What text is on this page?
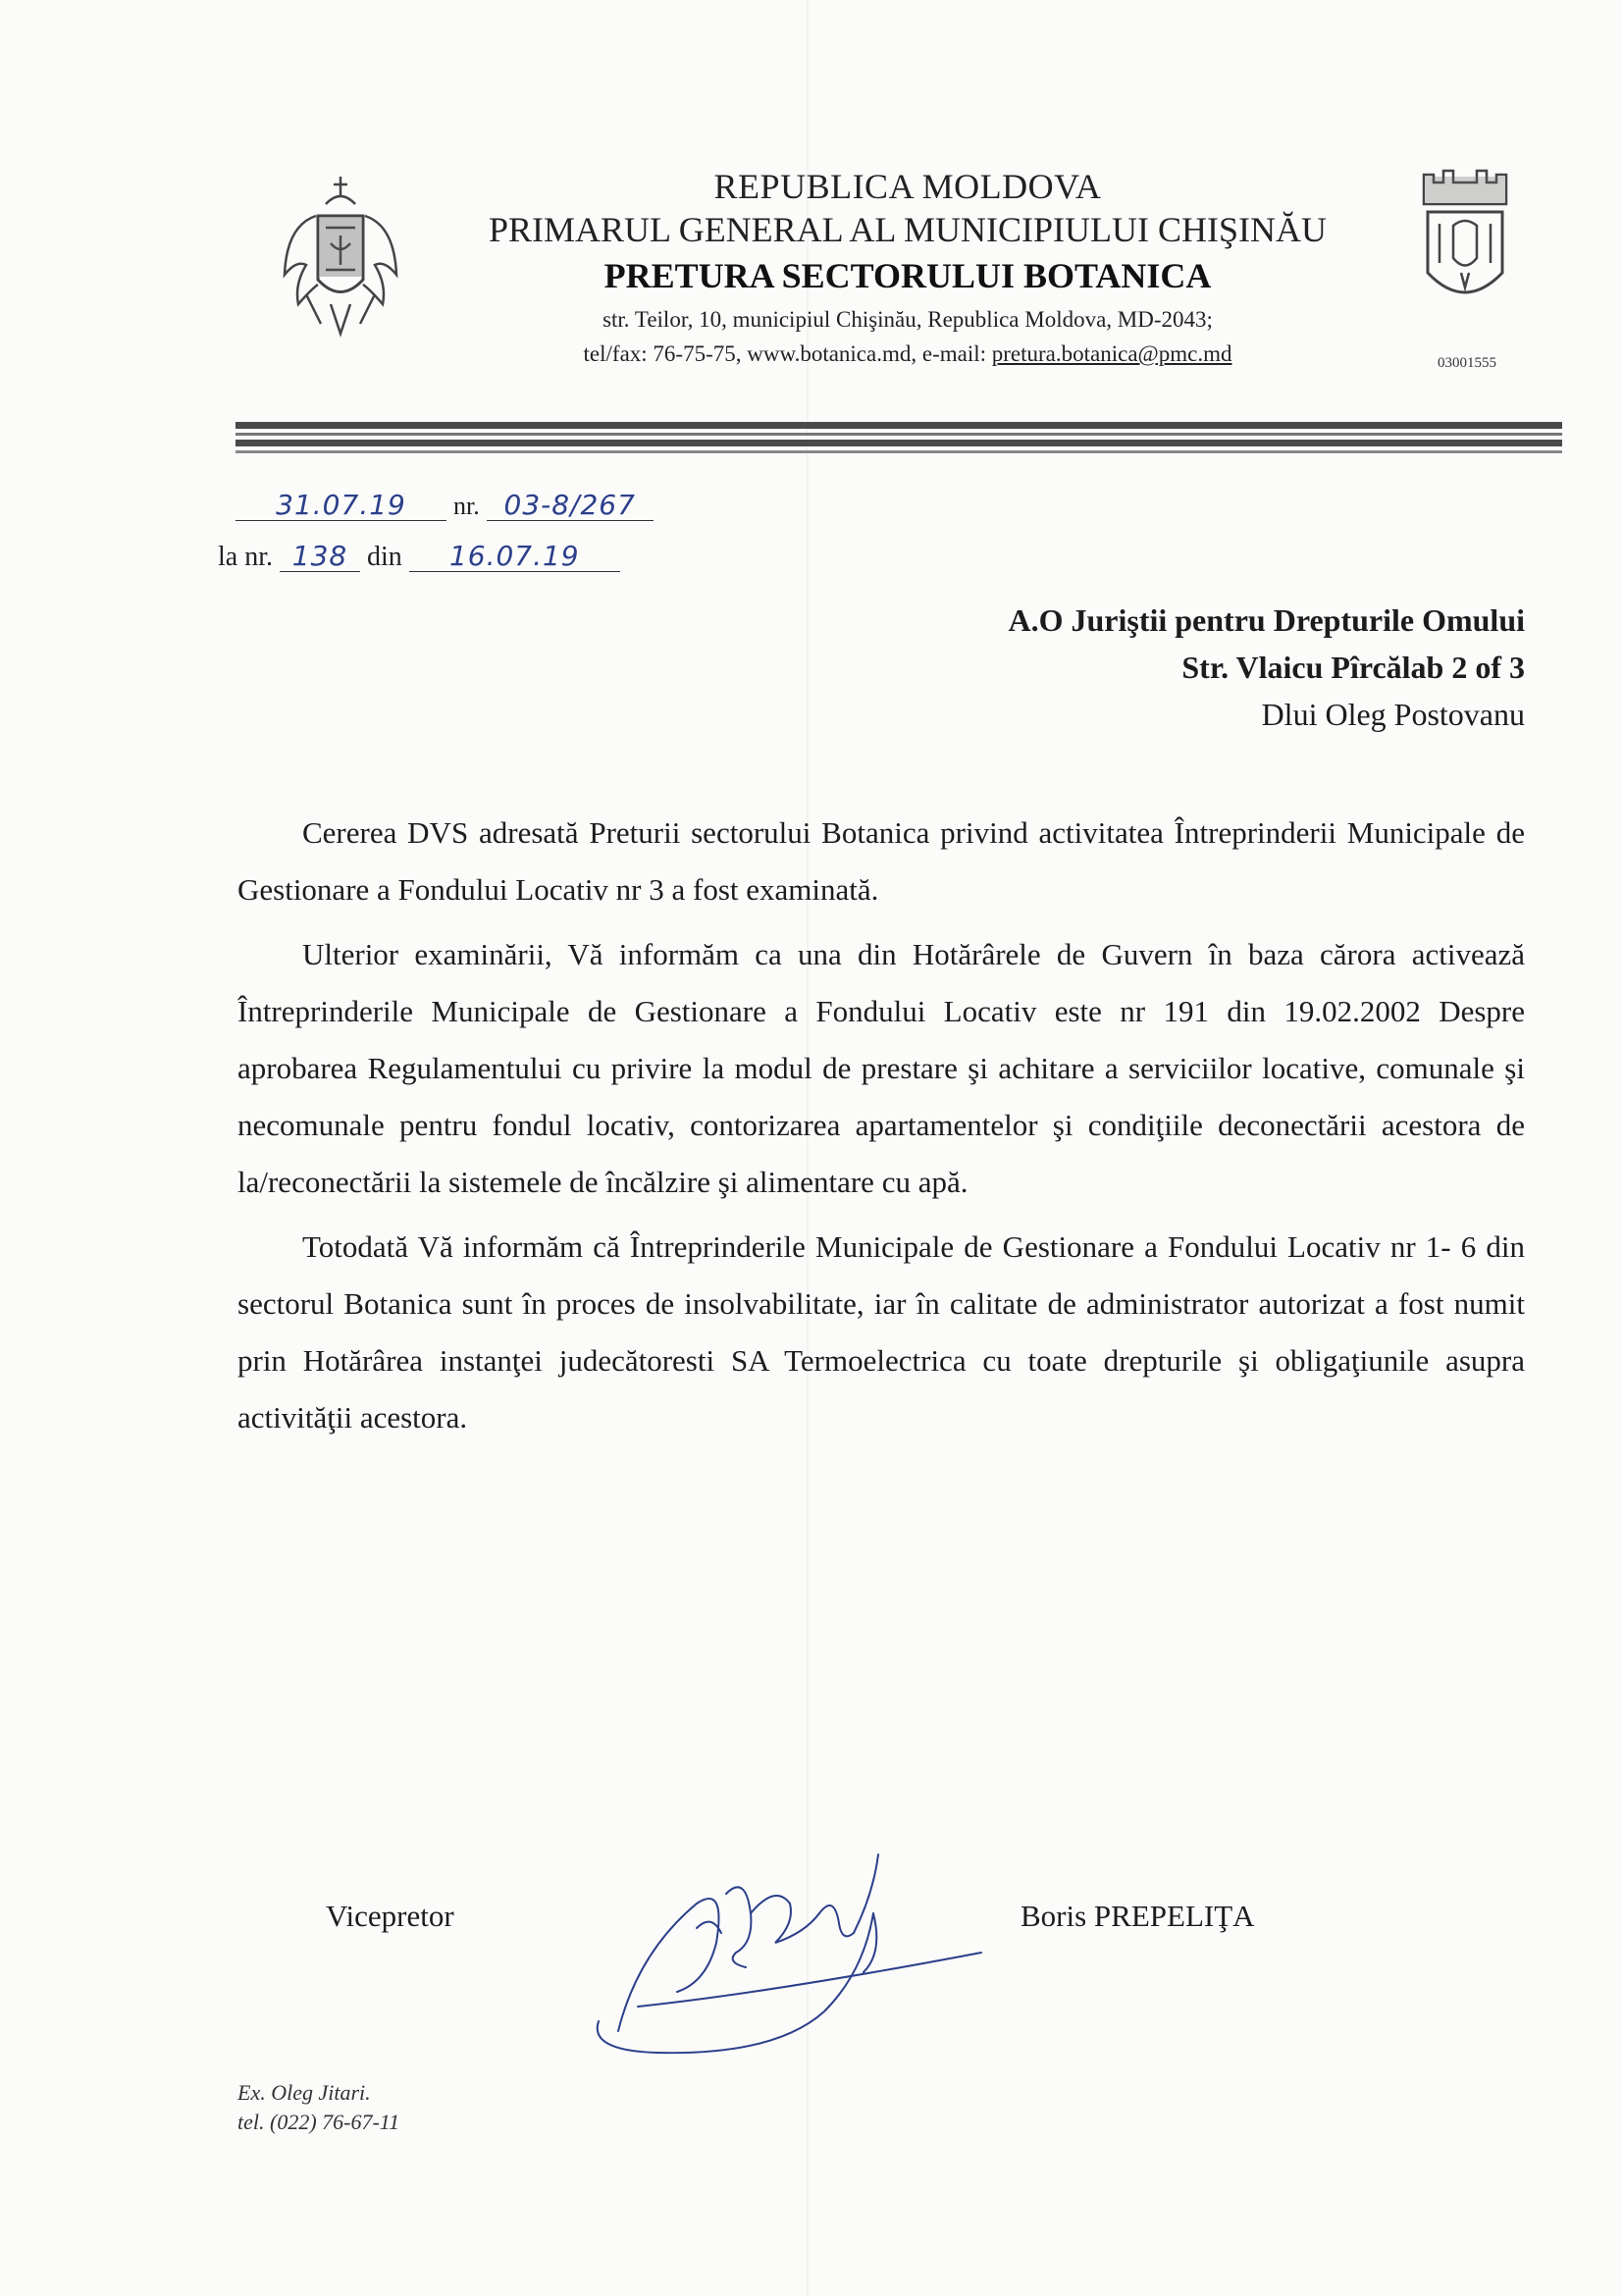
REPUBLICA MOLDOVA
PRIMARUL GENERAL AL MUNICIPIULUI CHIŞINĂU
PRETURA SECTORULUI BOTANICA
str. Teilor, 10, municipiul Chişinău, Republica Moldova, MD-2043;
tel/fax: 76-75-75, www.botanica.md, e-mail: pretura.botanica@pmc.md	03001555
31.07.19 nr. 03-8/267
la nr. 138 din 16.07.19
A.O Juriştii pentru Drepturile Omului
Str. Vlaicu Pîrcălab 2 of 3
Dlui Oleg Postovanu

Cererea DVS adresată Preturii sectorului Botanica privind activitatea Întreprinderii Municipale de Gestionare a Fondului Locativ nr 3 a fost examinată.

Ulterior examinării, Vă informăm ca una din Hotărârele de Guvern în baza cărora activează Întreprinderile Municipale de Gestionare a Fondului Locativ este nr 191 din 19.02.2002 Despre aprobarea Regulamentului cu privire la modul de prestare şi achitare a serviciilor locative, comunale şi necomunale pentru fondul locativ, contorizarea apartamentelor şi condiţiile deconectării acestora de la/reconectării la sistemele de încălzire şi alimentare cu apă.

Totodată Vă informăm că Întreprinderile Municipale de Gestionare a Fondului Locativ nr 1- 6 din sectorul Botanica sunt în proces de insolvabilitate, iar în calitate de administrator autorizat a fost numit prin Hotărârea instanţei judecătoresti SA Termoelectrica cu toate drepturile şi obligaţiunile asupra activităţii acestora.

Vicepretor	Boris PREPELIŢA
Ex. Oleg Jitari.
tel. (022) 76-67-11
